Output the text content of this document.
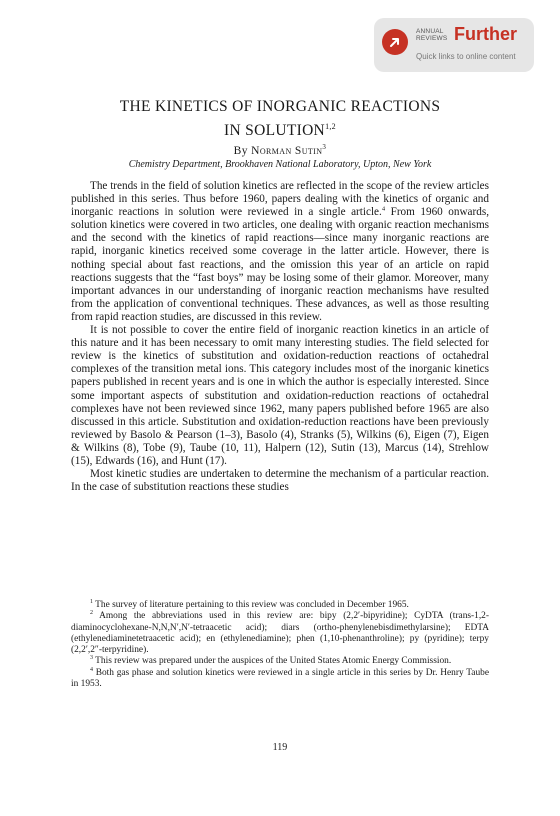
ANNUAL
REVIEWS Further
Quick links to online content
THE KINETICS OF INORGANIC REACTIONS
IN SOLUTION$^{1,2}$
By Norman Sutin$^3$
Chemistry Department, Brookhaven National Laboratory, Upton, New York

The trends in the field of solution kinetics are reflected in the scope of the review articles published in this series. Thus before 1960, papers dealing with the kinetics of organic and inorganic reactions in solution were reviewed in a single article.$^4$ From 1960 onwards, solution kinetics were covered in two articles, one dealing with organic reaction mechanisms and the second with the kinetics of rapid reactions—since many inorganic reactions are rapid, inorganic kinetics received some coverage in the latter article. However, there is nothing special about fast reactions, and the omission this year of an article on rapid reactions suggests that the “fast boys” may be losing some of their glamor. Moreover, many important advances in our understanding of inorganic reaction mechanisms have resulted from the application of conventional techniques. These advances, as well as those resulting from rapid reaction studies, are discussed in this review.

It is not possible to cover the entire field of inorganic reaction kinetics in an article of this nature and it has been necessary to omit many interesting studies. The field selected for review is the kinetics of substitution and oxidation-reduction reactions of octahedral complexes of the transition metal ions. This category includes most of the inorganic kinetics papers published in recent years and is one in which the author is especially interested. Since some important aspects of substitution and oxidation-reduction reactions of octahedral complexes have not been reviewed since 1962, many papers published before 1965 are also discussed in this article. Substitution and oxidation-reduction reactions have been previously reviewed by Basolo & Pearson (1–3), Basolo (4), Stranks (5), Wilkins (6), Eigen (7), Eigen & Wilkins (8), Tobe (9), Taube (10, 11), Halpern (12), Sutin (13), Marcus (14), Strehlow (15), Edwards (16), and Hunt (17).

Most kinetic studies are undertaken to determine the mechanism of a particular reaction. In the case of substitution reactions these studies

$^1$ The survey of literature pertaining to this review was concluded in December 1965.

$^2$ Among the abbreviations used in this review are: bipy (2,2′-bipyridine); CyDTA (trans-1,2-diaminocyclohexane-N,N,N′,N′-tetraacetic acid); diars (ortho-phenylenebisdimethylarsine); EDTA (ethylenediaminetetraacetic acid); en (ethylenediamine); phen (1,10-phenanthroline); py (pyridine); terpy (2,2′,2″-terpyridine).

$^3$ This review was prepared under the auspices of the United States Atomic Energy Commission.

$^4$ Both gas phase and solution kinetics were reviewed in a single article in this series by Dr. Henry Taube in 1953.

119
